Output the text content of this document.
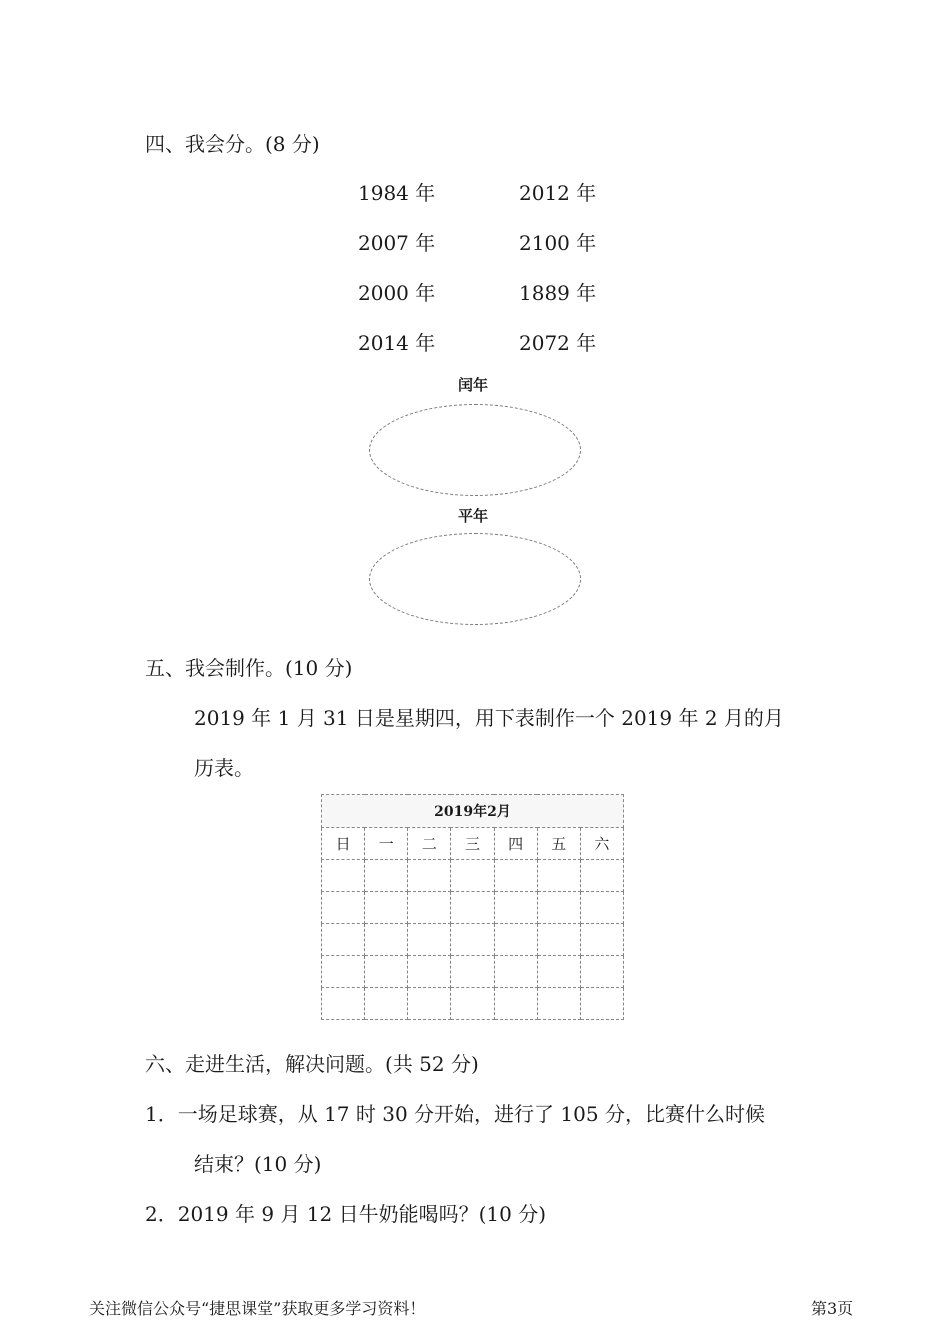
四、我会分。(8 分)
1984 年	2012 年
2007 年	2100 年
2000 年	1889 年
2014 年	2072 年
闰年
平年
五、我会制作。(10 分)
2019 年 1 月 31 日是星期四，用下表制作一个 2019 年 2 月的月
历表。
2019年2月						
日	一	二	三	四	五	六

六、走进生活，解决问题。(共 52 分)
1．一场足球赛，从 17 时 30 分开始，进行了 105 分，比赛什么时候
结束？(10 分)
2．2019 年 9 月 12 日牛奶能喝吗？(10 分)
关注微信公众号“捷思课堂”获取更多学习资料！	第3页
